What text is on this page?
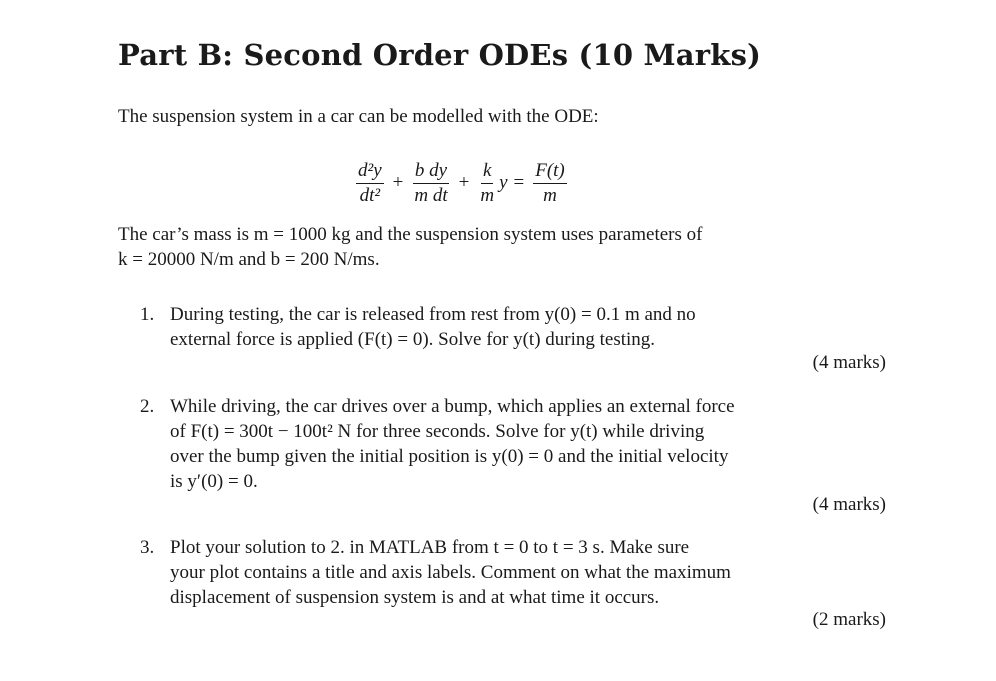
Part B: Second Order ODEs (10 Marks)

The suspension system in a car can be modelled with the ODE:

$\frac{\text{d²y}}{\text{dt²}} + \frac{\text{b dy}}{\text{m dt}} + \frac{k}{m}$ $y = \frac{F(t)}{m}$
The car’s mass is m = 1000 kg and the suspension system uses parameters of
k = 20000 N/m and b = 200 N/ms.
1. During testing, the car is released from rest from y(0) = 0.1 m and no
external force is applied (F(t) = 0). Solve for y(t) during testing.
(4 marks)
2. While driving, the car drives over a bump, which applies an external force
of F(t) = 300t − 100t² N for three seconds. Solve for y(t) while driving
over the bump given the initial position is y(0) = 0 and the initial velocity
is y′(0) = 0.
(4 marks)
3. Plot your solution to 2. in MATLAB from t = 0 to t = 3 s. Make sure
your plot contains a title and axis labels. Comment on what the maximum
displacement of suspension system is and at what time it occurs.
(2 marks)
